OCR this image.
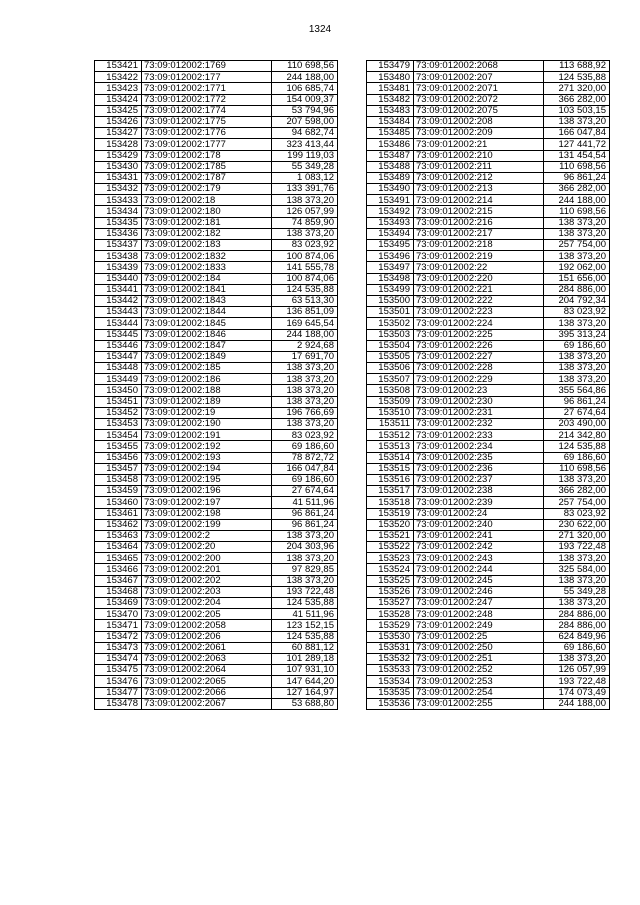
1324
153421	73:09:012002:1769	110 698,56
153422	73:09:012002:177	244 188,00
153423	73:09:012002:1771	106 685,74
153424	73:09:012002:1772	154 009,37
153425	73:09:012002:1774	53 794,96
153426	73:09:012002:1775	207 598,00
153427	73:09:012002:1776	94 682,74
153428	73:09:012002:1777	323 413,44
153429	73:09:012002:178	199 119,03
153430	73:09:012002:1785	55 349,28
153431	73:09:012002:1787	1 083,12
153432	73:09:012002:179	133 391,76
153433	73:09:012002:18	138 373,20
153434	73:09:012002:180	126 057,99
153435	73:09:012002:181	74 859,90
153436	73:09:012002:182	138 373,20
153437	73:09:012002:183	83 023,92
153438	73:09:012002:1832	100 874,06
153439	73:09:012002:1833	141 555,78
153440	73:09:012002:184	100 874,06
153441	73:09:012002:1841	124 535,88
153442	73:09:012002:1843	63 513,30
153443	73:09:012002:1844	136 851,09
153444	73:09:012002:1845	169 645,54
153445	73:09:012002:1846	244 188,00
153446	73:09:012002:1847	2 924,68
153447	73:09:012002:1849	17 691,70
153448	73:09:012002:185	138 373,20
153449	73:09:012002:186	138 373,20
153450	73:09:012002:188	138 373,20
153451	73:09:012002:189	138 373,20
153452	73:09:012002:19	196 766,69
153453	73:09:012002:190	138 373,20
153454	73:09:012002:191	83 023,92
153455	73:09:012002:192	69 186,60
153456	73:09:012002:193	78 872,72
153457	73:09:012002:194	166 047,84
153458	73:09:012002:195	69 186,60
153459	73:09:012002:196	27 674,64
153460	73:09:012002:197	41 511,96
153461	73:09:012002:198	96 861,24
153462	73:09:012002:199	96 861,24
153463	73:09:012002:2	138 373,20
153464	73:09:012002:20	204 303,96
153465	73:09:012002:200	138 373,20
153466	73:09:012002:201	97 829,85
153467	73:09:012002:202	138 373,20
153468	73:09:012002:203	193 722,48
153469	73:09:012002:204	124 535,88
153470	73:09:012002:205	41 511,96
153471	73:09:012002:2058	123 152,15
153472	73:09:012002:206	124 535,88
153473	73:09:012002:2061	60 881,12
153474	73:09:012002:2063	101 289,18
153475	73:09:012002:2064	107 931,10
153476	73:09:012002:2065	147 644,20
153477	73:09:012002:2066	127 164,97
153478	73:09:012002:2067	53 688,80
153479	73:09:012002:2068	113 688,92
153480	73:09:012002:207	124 535,88
153481	73:09:012002:2071	271 320,00
153482	73:09:012002:2072	366 282,00
153483	73:09:012002:2075	103 503,15
153484	73:09:012002:208	138 373,20
153485	73:09:012002:209	166 047,84
153486	73:09:012002:21	127 441,72
153487	73:09:012002:210	131 454,54
153488	73:09:012002:211	110 698,56
153489	73:09:012002:212	96 861,24
153490	73:09:012002:213	366 282,00
153491	73:09:012002:214	244 188,00
153492	73:09:012002:215	110 698,56
153493	73:09:012002:216	138 373,20
153494	73:09:012002:217	138 373,20
153495	73:09:012002:218	257 754,00
153496	73:09:012002:219	138 373,20
153497	73:09:012002:22	192 062,00
153498	73:09:012002:220	151 656,00
153499	73:09:012002:221	284 886,00
153500	73:09:012002:222	204 792,34
153501	73:09:012002:223	83 023,92
153502	73:09:012002:224	138 373,20
153503	73:09:012002:225	395 313,24
153504	73:09:012002:226	69 186,60
153505	73:09:012002:227	138 373,20
153506	73:09:012002:228	138 373,20
153507	73:09:012002:229	138 373,20
153508	73:09:012002:23	355 564,86
153509	73:09:012002:230	96 861,24
153510	73:09:012002:231	27 674,64
153511	73:09:012002:232	203 490,00
153512	73:09:012002:233	214 342,80
153513	73:09:012002:234	124 535,88
153514	73:09:012002:235	69 186,60
153515	73:09:012002:236	110 698,56
153516	73:09:012002:237	138 373,20
153517	73:09:012002:238	366 282,00
153518	73:09:012002:239	257 754,00
153519	73:09:012002:24	83 023,92
153520	73:09:012002:240	230 622,00
153521	73:09:012002:241	271 320,00
153522	73:09:012002:242	193 722,48
153523	73:09:012002:243	138 373,20
153524	73:09:012002:244	325 584,00
153525	73:09:012002:245	138 373,20
153526	73:09:012002:246	55 349,28
153527	73:09:012002:247	138 373,20
153528	73:09:012002:248	284 886,00
153529	73:09:012002:249	284 886,00
153530	73:09:012002:25	624 849,96
153531	73:09:012002:250	69 186,60
153532	73:09:012002:251	138 373,20
153533	73:09:012002:252	126 057,99
153534	73:09:012002:253	193 722,48
153535	73:09:012002:254	174 073,49
153536	73:09:012002:255	244 188,00
